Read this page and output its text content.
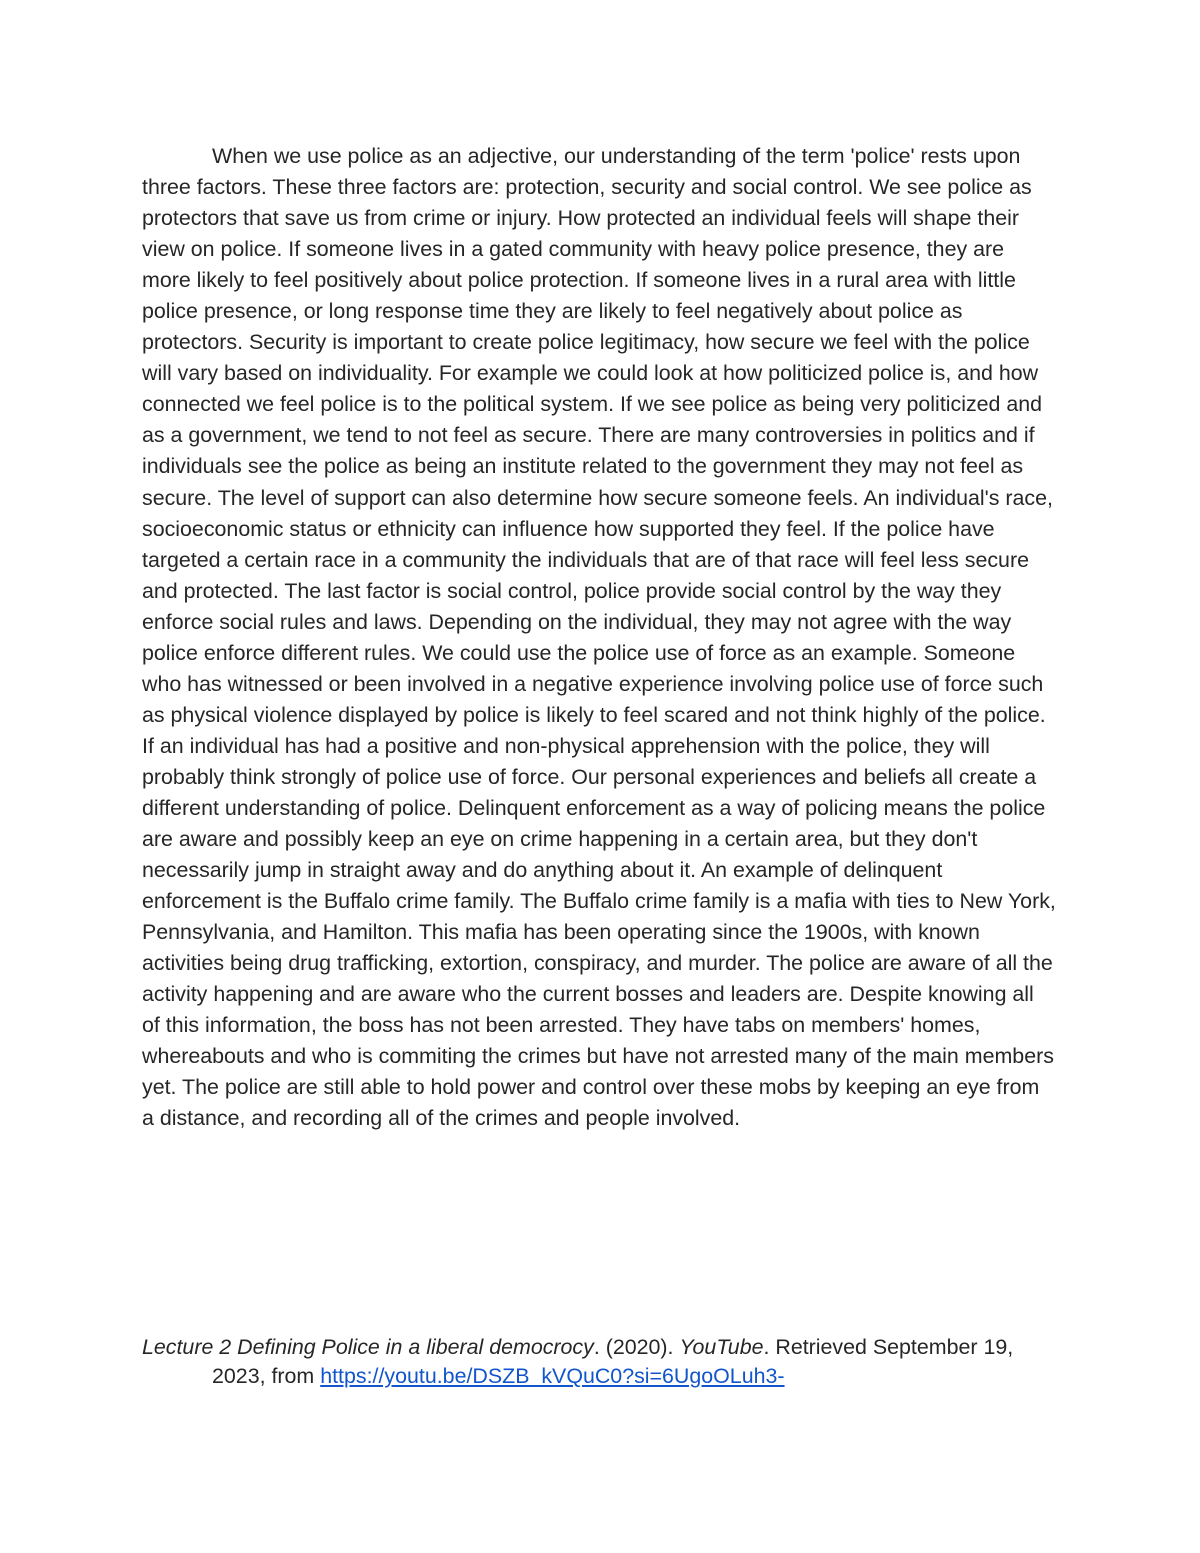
When we use police as an adjective, our understanding of the term 'police' rests upon three factors. These three factors are: protection, security and social control. We see police as protectors that save us from crime or injury. How protected an individual feels will shape their view on police. If someone lives in a gated community with heavy police presence, they are more likely to feel positively about police protection. If someone lives in a rural area with little police presence, or long response time they are likely to feel negatively about police as protectors. Security is important to create police legitimacy, how secure we feel with the police will vary based on individuality. For example we could look at how politicized police is, and how connected we feel police is to the political system. If we see police as being very politicized and as a government, we tend to not feel as secure. There are many controversies in politics and if individuals see the police as being an institute related to the government they may not feel as secure. The level of support can also determine how secure someone feels. An individual's race, socioeconomic status or ethnicity can influence how supported they feel. If the police have targeted a certain race in a community the individuals that are of that race will feel less secure and protected. The last factor is social control, police provide social control by the way they enforce social rules and laws. Depending on the individual, they may not agree with the way police enforce different rules. We could use the police use of force as an example. Someone who has witnessed or been involved in a negative experience involving police use of force such as physical violence displayed by police is likely to feel scared and not think highly of the police. If an individual has had a positive and non-physical apprehension with the police, they will probably think strongly of police use of force. Our personal experiences and beliefs all create a different understanding of police. Delinquent enforcement as a way of policing means the police are aware and possibly keep an eye on crime happening in a certain area, but they don't necessarily jump in straight away and do anything about it. An example of delinquent enforcement is the Buffalo crime family. The Buffalo crime family is a mafia with ties to New York, Pennsylvania, and Hamilton. This mafia has been operating since the 1900s, with known activities being drug trafficking, extortion, conspiracy, and murder. The police are aware of all the activity happening and are aware who the current bosses and leaders are. Despite knowing all of this information, the boss has not been arrested. They have tabs on members' homes, whereabouts and who is commiting the crimes but have not arrested many of the main members yet. The police are still able to hold power and control over these mobs by keeping an eye from a distance, and recording all of the crimes and people involved.

Lecture 2 Defining Police in a liberal democrocy. (2020). YouTube. Retrieved September 19, 2023, from https://youtu.be/DSZB_kVQuC0?si=6UgoOLuh3-
